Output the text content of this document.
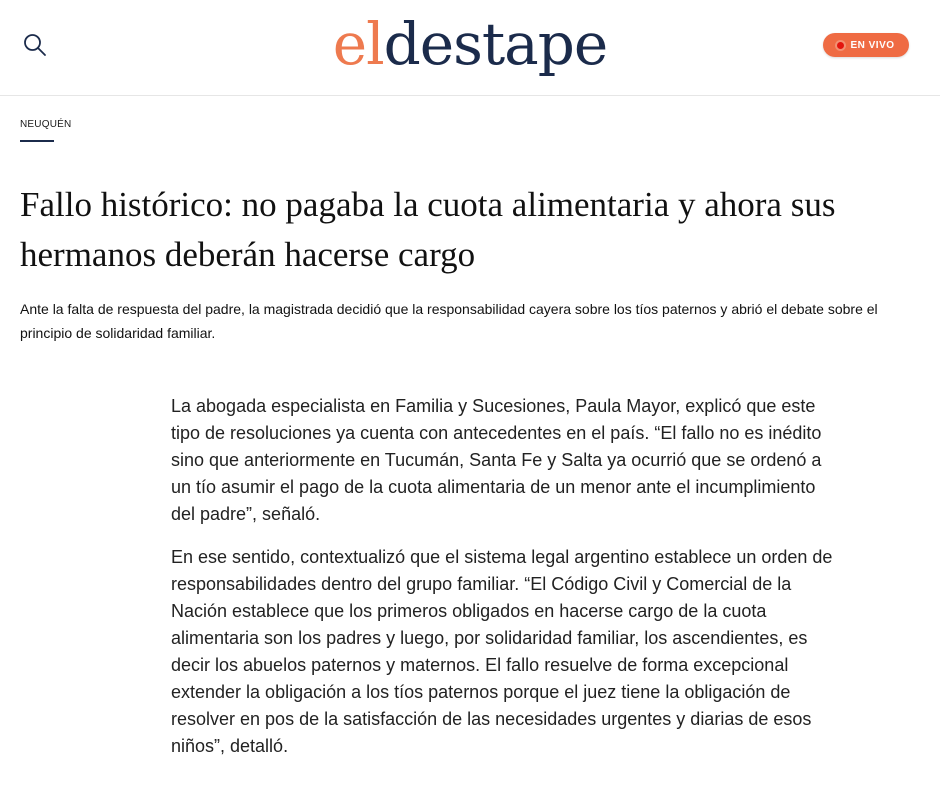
eldestape	EN VIVO
NEUQUÉN
Fallo histórico: no pagaba la cuota alimentaria y ahora sus hermanos deberán hacerse cargo

Ante la falta de respuesta del padre, la magistrada decidió que la responsabilidad cayera sobre los tíos paternos y abrió el debate sobre el principio de solidaridad familiar.

La abogada especialista en Familia y Sucesiones, Paula Mayor, explicó que este tipo de resoluciones ya cuenta con antecedentes en el país. “El fallo no es inédito sino que anteriormente en Tucumán, Santa Fe y Salta ya ocurrió que se ordenó a un tío asumir el pago de la cuota alimentaria de un menor ante el incumplimiento del padre”, señaló.

En ese sentido, contextualizó que el sistema legal argentino establece un orden de responsabilidades dentro del grupo familiar. “El Código Civil y Comercial de la Nación establece que los primeros obligados en hacerse cargo de la cuota alimentaria son los padres y luego, por solidaridad familiar, los ascendientes, es decir los abuelos paternos y maternos. El fallo resuelve de forma excepcional extender la obligación a los tíos paternos porque el juez tiene la obligación de resolver en pos de la satisfacción de las necesidades urgentes y diarias de esos niños”, detalló.
